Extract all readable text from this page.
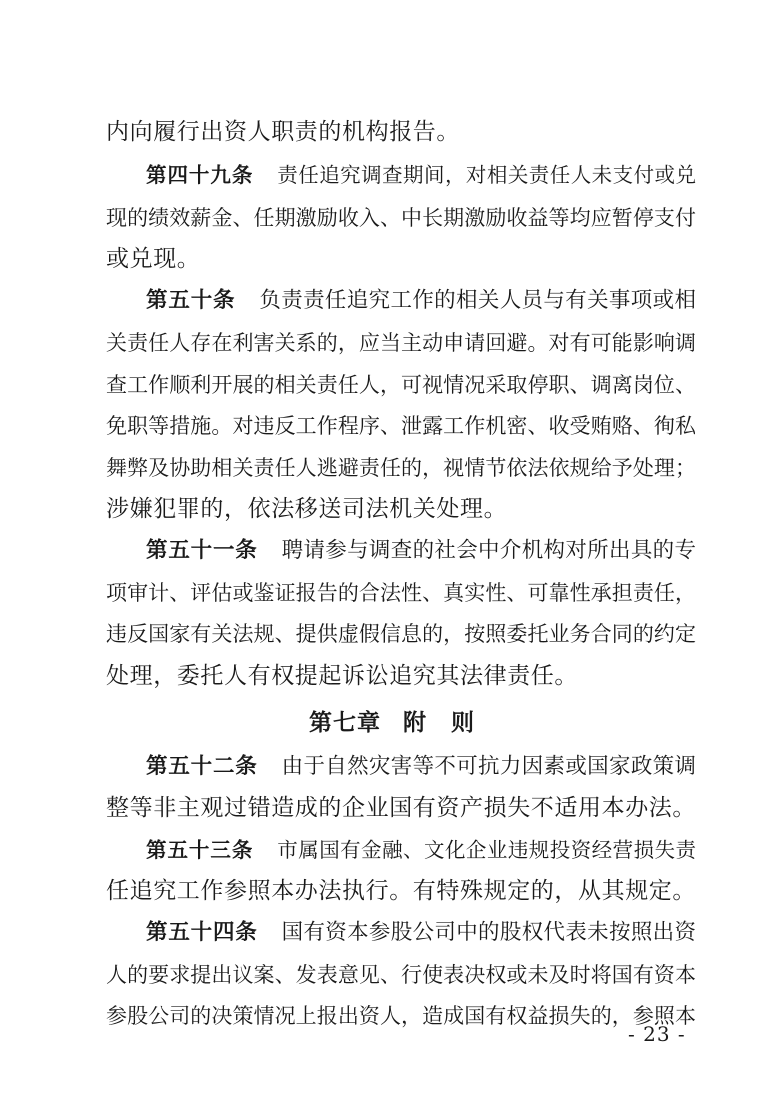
内向履行出资人职责的机构报告。
第四十九条 责任追究调查期间，对相关责任人未支付或兑
现的绩效薪金、任期激励收入、中长期激励收益等均应暂停支付
或兑现。
第五十条 负责责任追究工作的相关人员与有关事项或相
关责任人存在利害关系的，应当主动申请回避。对有可能影响调
查工作顺利开展的相关责任人，可视情况采取停职、调离岗位、
免职等措施。对违反工作程序、泄露工作机密、收受贿赂、徇私
舞弊及协助相关责任人逃避责任的，视情节依法依规给予处理；
涉嫌犯罪的，依法移送司法机关处理。
第五十一条 聘请参与调查的社会中介机构对所出具的专
项审计、评估或鉴证报告的合法性、真实性、可靠性承担责任，
违反国家有关法规、提供虚假信息的，按照委托业务合同的约定
处理，委托人有权提起诉讼追究其法律责任。
第七章 附　则
第五十二条 由于自然灾害等不可抗力因素或国家政策调
整等非主观过错造成的企业国有资产损失不适用本办法。
第五十三条 市属国有金融、文化企业违规投资经营损失责
任追究工作参照本办法执行。有特殊规定的，从其规定。
第五十四条 国有资本参股公司中的股权代表未按照出资
人的要求提出议案、发表意见、行使表决权或未及时将国有资本
参股公司的决策情况上报出资人，造成国有权益损失的，参照本
- 23 -
